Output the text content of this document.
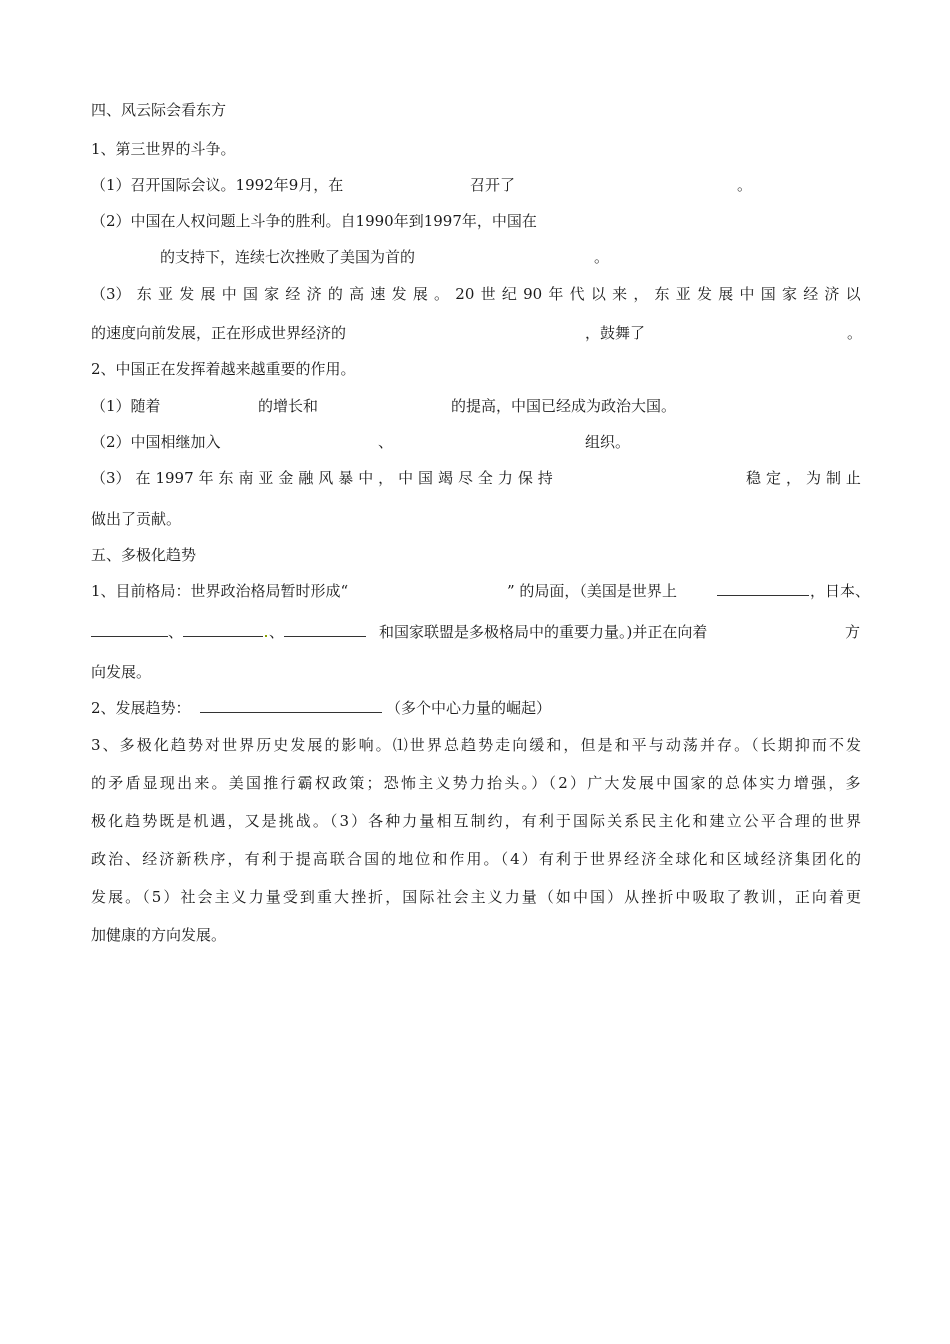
四、风云际会看东方
1、第三世界的斗争。
（1）召开国际会议。1992年9月，在	召开了	。
（2）中国在人权问题上斗争的胜利。自1990年到1997年，中国在
的支持下，连续七次挫败了美国为首的	。
（3） 东 亚 发 展 中 国 家 经 济 的 高 速 发 展 。 20 世 纪 90 年 代 以 来 ， 东 亚 发 展 中 国 家 经 济 以
的速度向前发展，正在形成世界经济的	，鼓舞了	。
2、中国正在发挥着越来越重要的作用。
（1）随着	的增长和	的提高，中国已经成为政治大国。
（2）中国相继加入	、	组织。
（3） 在 1997 年 东 南 亚 金 融 风 暴 中 ， 中 国 竭 尽 全 力 保 持	稳 定 ， 为 制 止
做出了贡献。
五、多极化趋势
1、目前格局：世界政治格局暂时形成“	” 的局面，（美国是世界上	，日本、
、	、	和国家联盟是多极格局中的重要力量。)并正在向着	方
向发展。
2、发展趋势：	（多个中心力量的崛起）
3、多极化趋势对世界历史发展的影响。⑴世界总趋势走向缓和，但是和平与动荡并存。（长期抑而不发
的矛盾显现出来。美国推行霸权政策；恐怖主义势力抬头。）（2）广大发展中国家的总体实力增强，多
极化趋势既是机遇，又是挑战。（3）各种力量相互制约，有利于国际关系民主化和建立公平合理的世界
政治、经济新秩序，有利于提高联合国的地位和作用。（4）有利于世界经济全球化和区域经济集团化的
发展。（5）社会主义力量受到重大挫折，国际社会主义力量（如中国）从挫折中吸取了教训，正向着更
加健康的方向发展。
